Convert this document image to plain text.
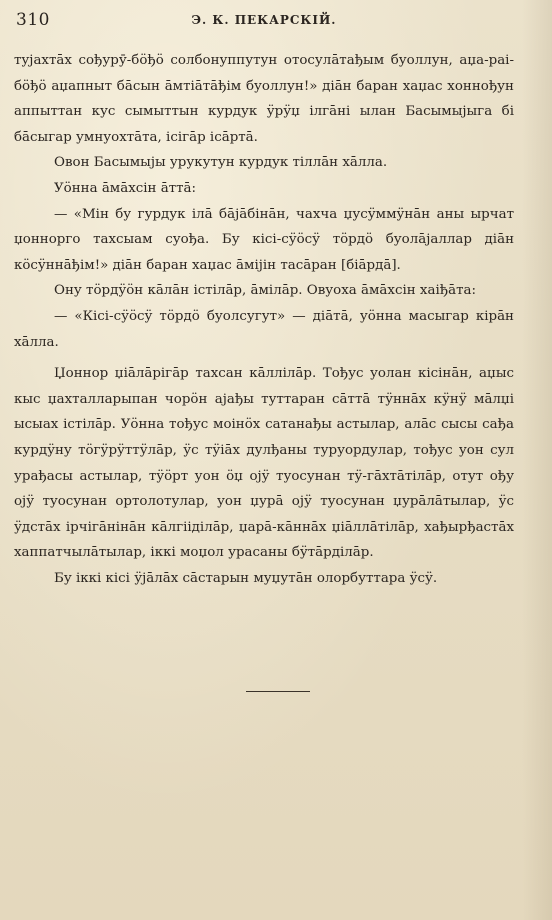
310	Э. К. ПЕКАРСКІЙ.

туjахтāх сођурӯ-бӧђӧ солбонуппутун отосулāтађым буоллун, аџа-раі-бӧђӧ аџапныт бāсын āмтiāтāђiм буоллун!» дiāн баран хаџас хоннођун аппыттан кус сымыттын курдук ӱрӱџ iлгāнi ылан Басымыjыга бi бāсыгар умнуохтāта, iсiгāр iсāртā.

Овон Басымыjы урукутун курдук тiллāн хāлла.

Уӧнна āмāхсiн āттā:

— «Мiн бу гурдук iлā бājāбiнāн, чахча џусӱммӱнāн аны ырчат џоннорго тахсыам суођа. Бу кiсi-сӱӧсӱ тӧрдӧ буолājаллар дiāн кӧсӱннāђiм!» дiāн баран хаџас āмiјiн тасāран [бiāрдā].

Ону тӧрдӱӧн кāлāн iстiлāр, āмiлāр. Овуоха āмāхсiн хаiђāта:

— «Кiсi-сӱӧсӱ тӧрдӧ буолсугут» — дiāтā, уӧнна масыгар кiрāн хāлла.

Џоннор џiāлāрiгāр тахсан кāллiлāр. Тођус уолан кiсiнāн, аџыс кыс џахталларыпан чорӧн аjађы туттаран сāттā тӱннāх кӱнӱ мāлџi ысыах iстiлāр. Уӧнна тођус моiнӧх сатанађы астылар, алāс сысы сађа курдӱну тӧгӱрӱттӱлāр, ӱс тӱiāх дулђаны туруордулар, тођус уон сул урађасы астылар, тӱӧрт уон ӧџ ојӱ туосунан тӱ-гāхтāтiлāр, отут ођу ојӱ туосунан ортолотулар, уон џурā ојӱ туосунан џурāлāтылар, ӱс ӱдстāх iрчiгāнiнāн кāлгiiдiлāр, џарā-кāннāх џiāллāтiлāр, хађырђастāх хаппатчылāтылар, iккi моџол урасаны бӱтāрдiлāр.

Бу iккi кiсi ӱјāлāх сāстарын муџутāн олорбуттара ӱсӱ.
